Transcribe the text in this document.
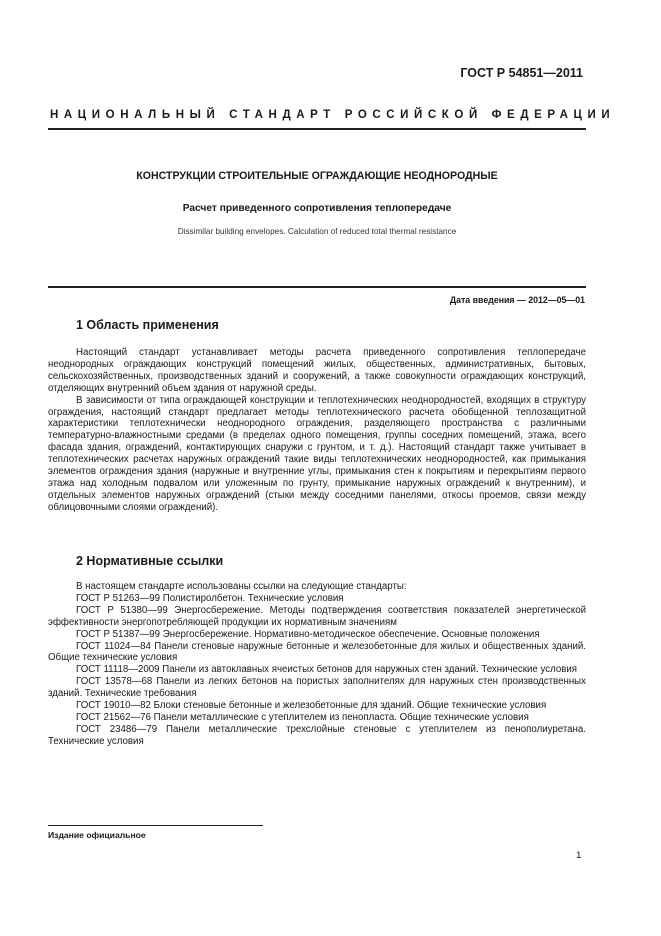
ГОСТ Р 54851—2011
НАЦИОНАЛЬНЫЙ СТАНДАРТ РОССИЙСКОЙ ФЕДЕРАЦИИ
КОНСТРУКЦИИ СТРОИТЕЛЬНЫЕ ОГРАЖДАЮЩИЕ НЕОДНОРОДНЫЕ
Расчет приведенного сопротивления теплопередаче
Dissimilar building envelopes. Calculation of reduced total thermal resistance
Дата введения — 2012—05—01
1 Область применения

Настоящий стандарт устанавливает методы расчета приведенного сопротивления теплопередаче неоднородных ограждающих конструкций помещений жилых, общественных, административных, бытовых, сельскохозяйственных, производственных зданий и сооружений, а также совокупности ограждающих конструкций, отделяющих внутренний объем здания от наружной среды.

В зависимости от типа ограждающей конструкции и теплотехнических неоднородностей, входящих в структуру ограждения, настоящий стандарт предлагает методы теплотехнического расчета обобщенной теплозащитной характеристики теплотехнически неоднородного ограждения, разделяющего пространства с различными температурно-влажностными средами (в пределах одного помещения, группы соседних помещений, этажа, всего фасада здания, ограждений, контактирующих снаружи с грунтом, и т. д.). Настоящий стандарт также учитывает в теплотехнических расчетах наружных ограждений такие виды теплотехнических неоднородностей, как примыкания элементов ограждения здания (наружные и внутренние углы, примыкания стен к покрытиям и перекрытиям первого этажа над холодным подвалом или уложенным по грунту, примыкание наружных ограждений к внутренним), и отдельных элементов наружных ограждений (стыки между соседними панелями, откосы проемов, связи между облицовочными слоями ограждений).

2 Нормативные ссылки

В настоящем стандарте использованы ссылки на следующие стандарты:

ГОСТ Р 51263—99 Полистиролбетон. Технические условия

ГОСТ Р 51380—99 Энергосбережение. Методы подтверждения соответствия показателей энергетической эффективности энергопотребляющей продукции их нормативным значениям

ГОСТ Р 51387—99 Энергосбережение. Нормативно-методическое обеспечение. Основные положения

ГОСТ 11024—84 Панели стеновые наружные бетонные и железобетонные для жилых и общественных зданий. Общие технические условия

ГОСТ 11118—2009 Панели из автоклавных ячеистых бетонов для наружных стен зданий. Технические условия

ГОСТ 13578—68 Панели из легких бетонов на пористых заполнителях для наружных стен производственных зданий. Технические требования

ГОСТ 19010—82 Блоки стеновые бетонные и железобетонные для зданий. Общие технические условия

ГОСТ 21562—76 Панели металлические с утеплителем из пенопласта. Общие технические условия

ГОСТ 23486—79 Панели металлические трехслойные стеновые с утеплителем из пенополиуретана. Технические условия

Издание официальное
1
